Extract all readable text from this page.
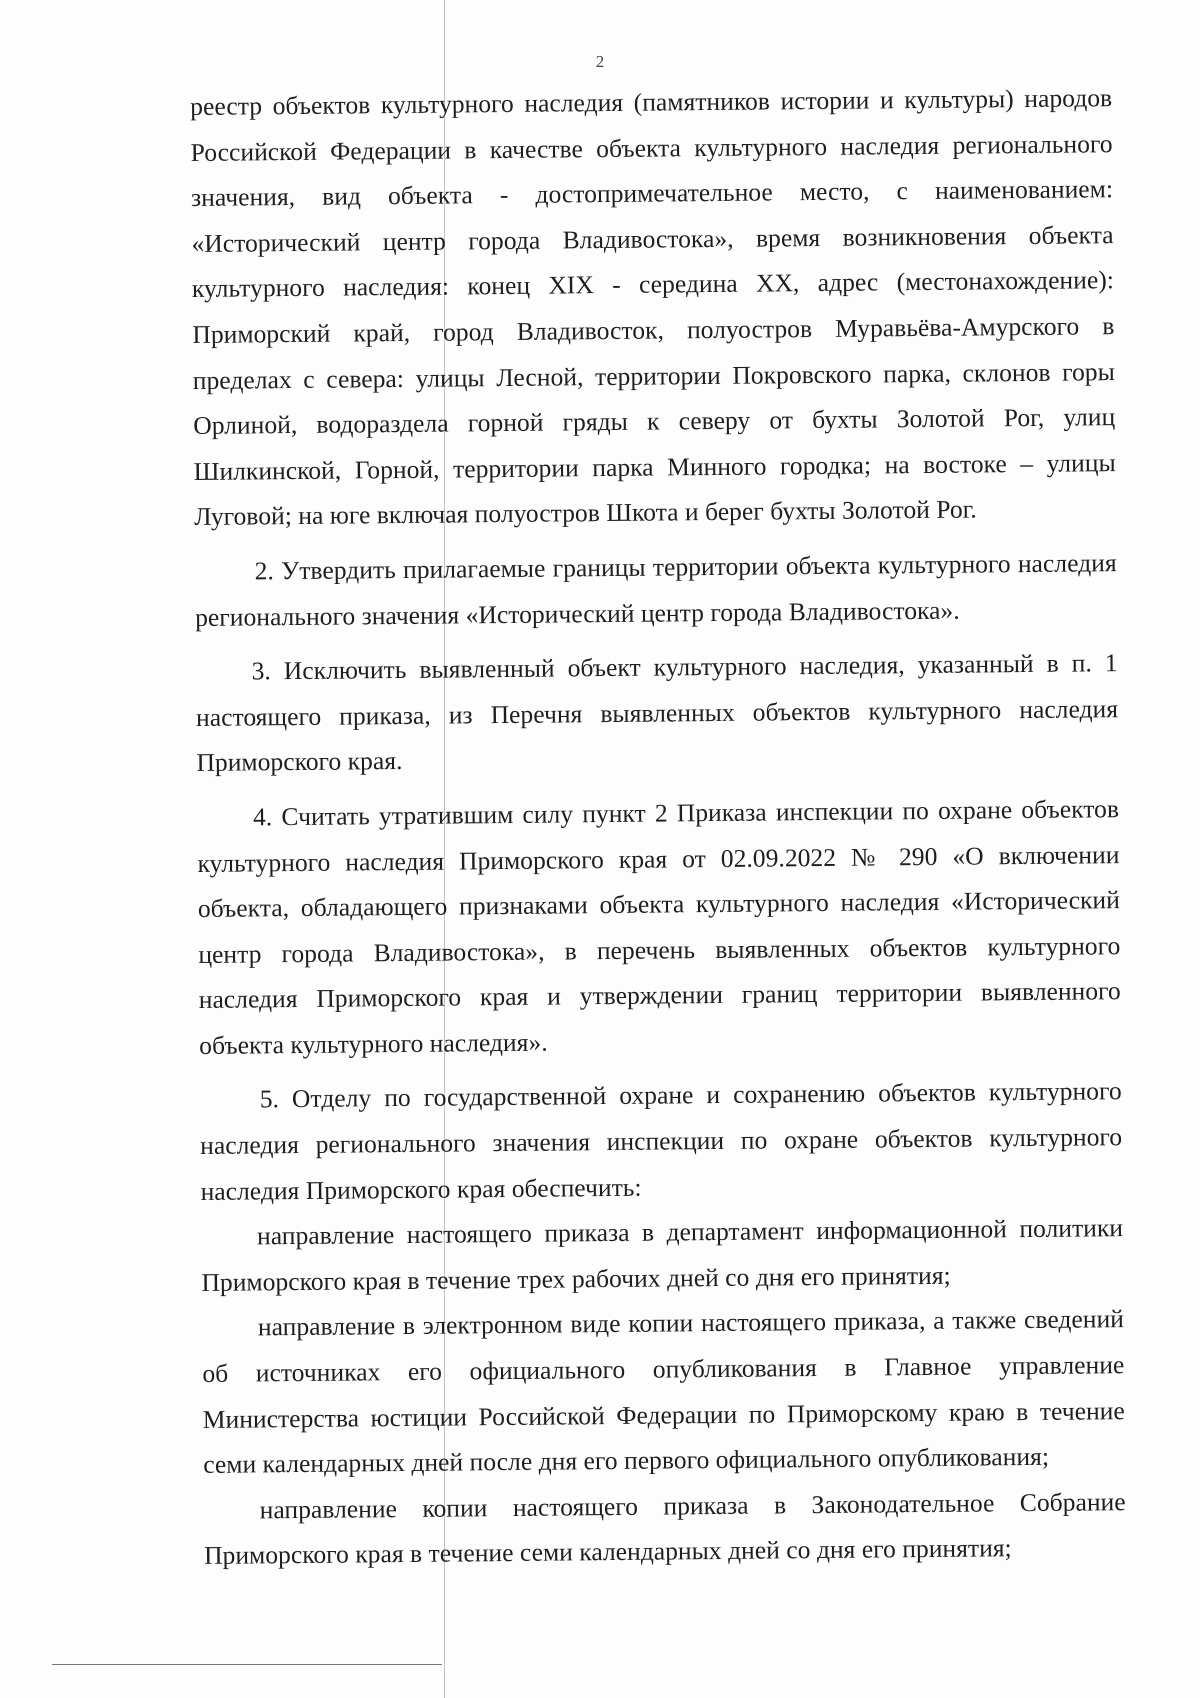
2

реестр объектов культурного наследия (памятников истории и культуры) народов Российской Федерации в качестве объекта культурного наследия регионального значения, вид объекта - достопримечательное место, с наименованием: «Исторический центр города Владивостока», время возникновения объекта культурного наследия: конец XIX - середина XX, адрес (местонахождение): Приморский край, город Владивосток, полуостров Муравьёва-Амурского в пределах с севера: улицы Лесной, территории Покровского парка, склонов горы Орлиной, водораздела горной гряды к северу от бухты Золотой Рог, улиц Шилкинской, Горной, территории парка Минного городка; на востоке – улицы Луговой; на юге включая полуостров Шкота и берег бухты Золотой Рог.

2. Утвердить прилагаемые границы территории объекта культурного наследия регионального значения «Исторический центр города Владивостока».

3. Исключить выявленный объект культурного наследия, указанный в п. 1 настоящего приказа, из Перечня выявленных объектов культурного наследия Приморского края.

4. Считать утратившим силу пункт 2 Приказа инспекции по охране объектов культурного наследия Приморского края от 02.09.2022 № 290 «О включении объекта, обладающего признаками объекта культурного наследия «Исторический центр города Владивостока», в перечень выявленных объектов культурного наследия Приморского края и утверждении границ территории выявленного объекта культурного наследия».

5. Отделу по государственной охране и сохранению объектов культурного наследия регионального значения инспекции по охране объектов культурного наследия Приморского края обеспечить:

направление настоящего приказа в департамент информационной политики Приморского края в течение трех рабочих дней со дня его принятия;

направление в электронном виде копии настоящего приказа, а также сведений об источниках его официального опубликования в Главное управление Министерства юстиции Российской Федерации по Приморскому краю в течение семи календарных дней после дня его первого официального опубликования;

направление копии настоящего приказа в Законодательное Собрание Приморского края в течение семи календарных дней со дня его принятия;
